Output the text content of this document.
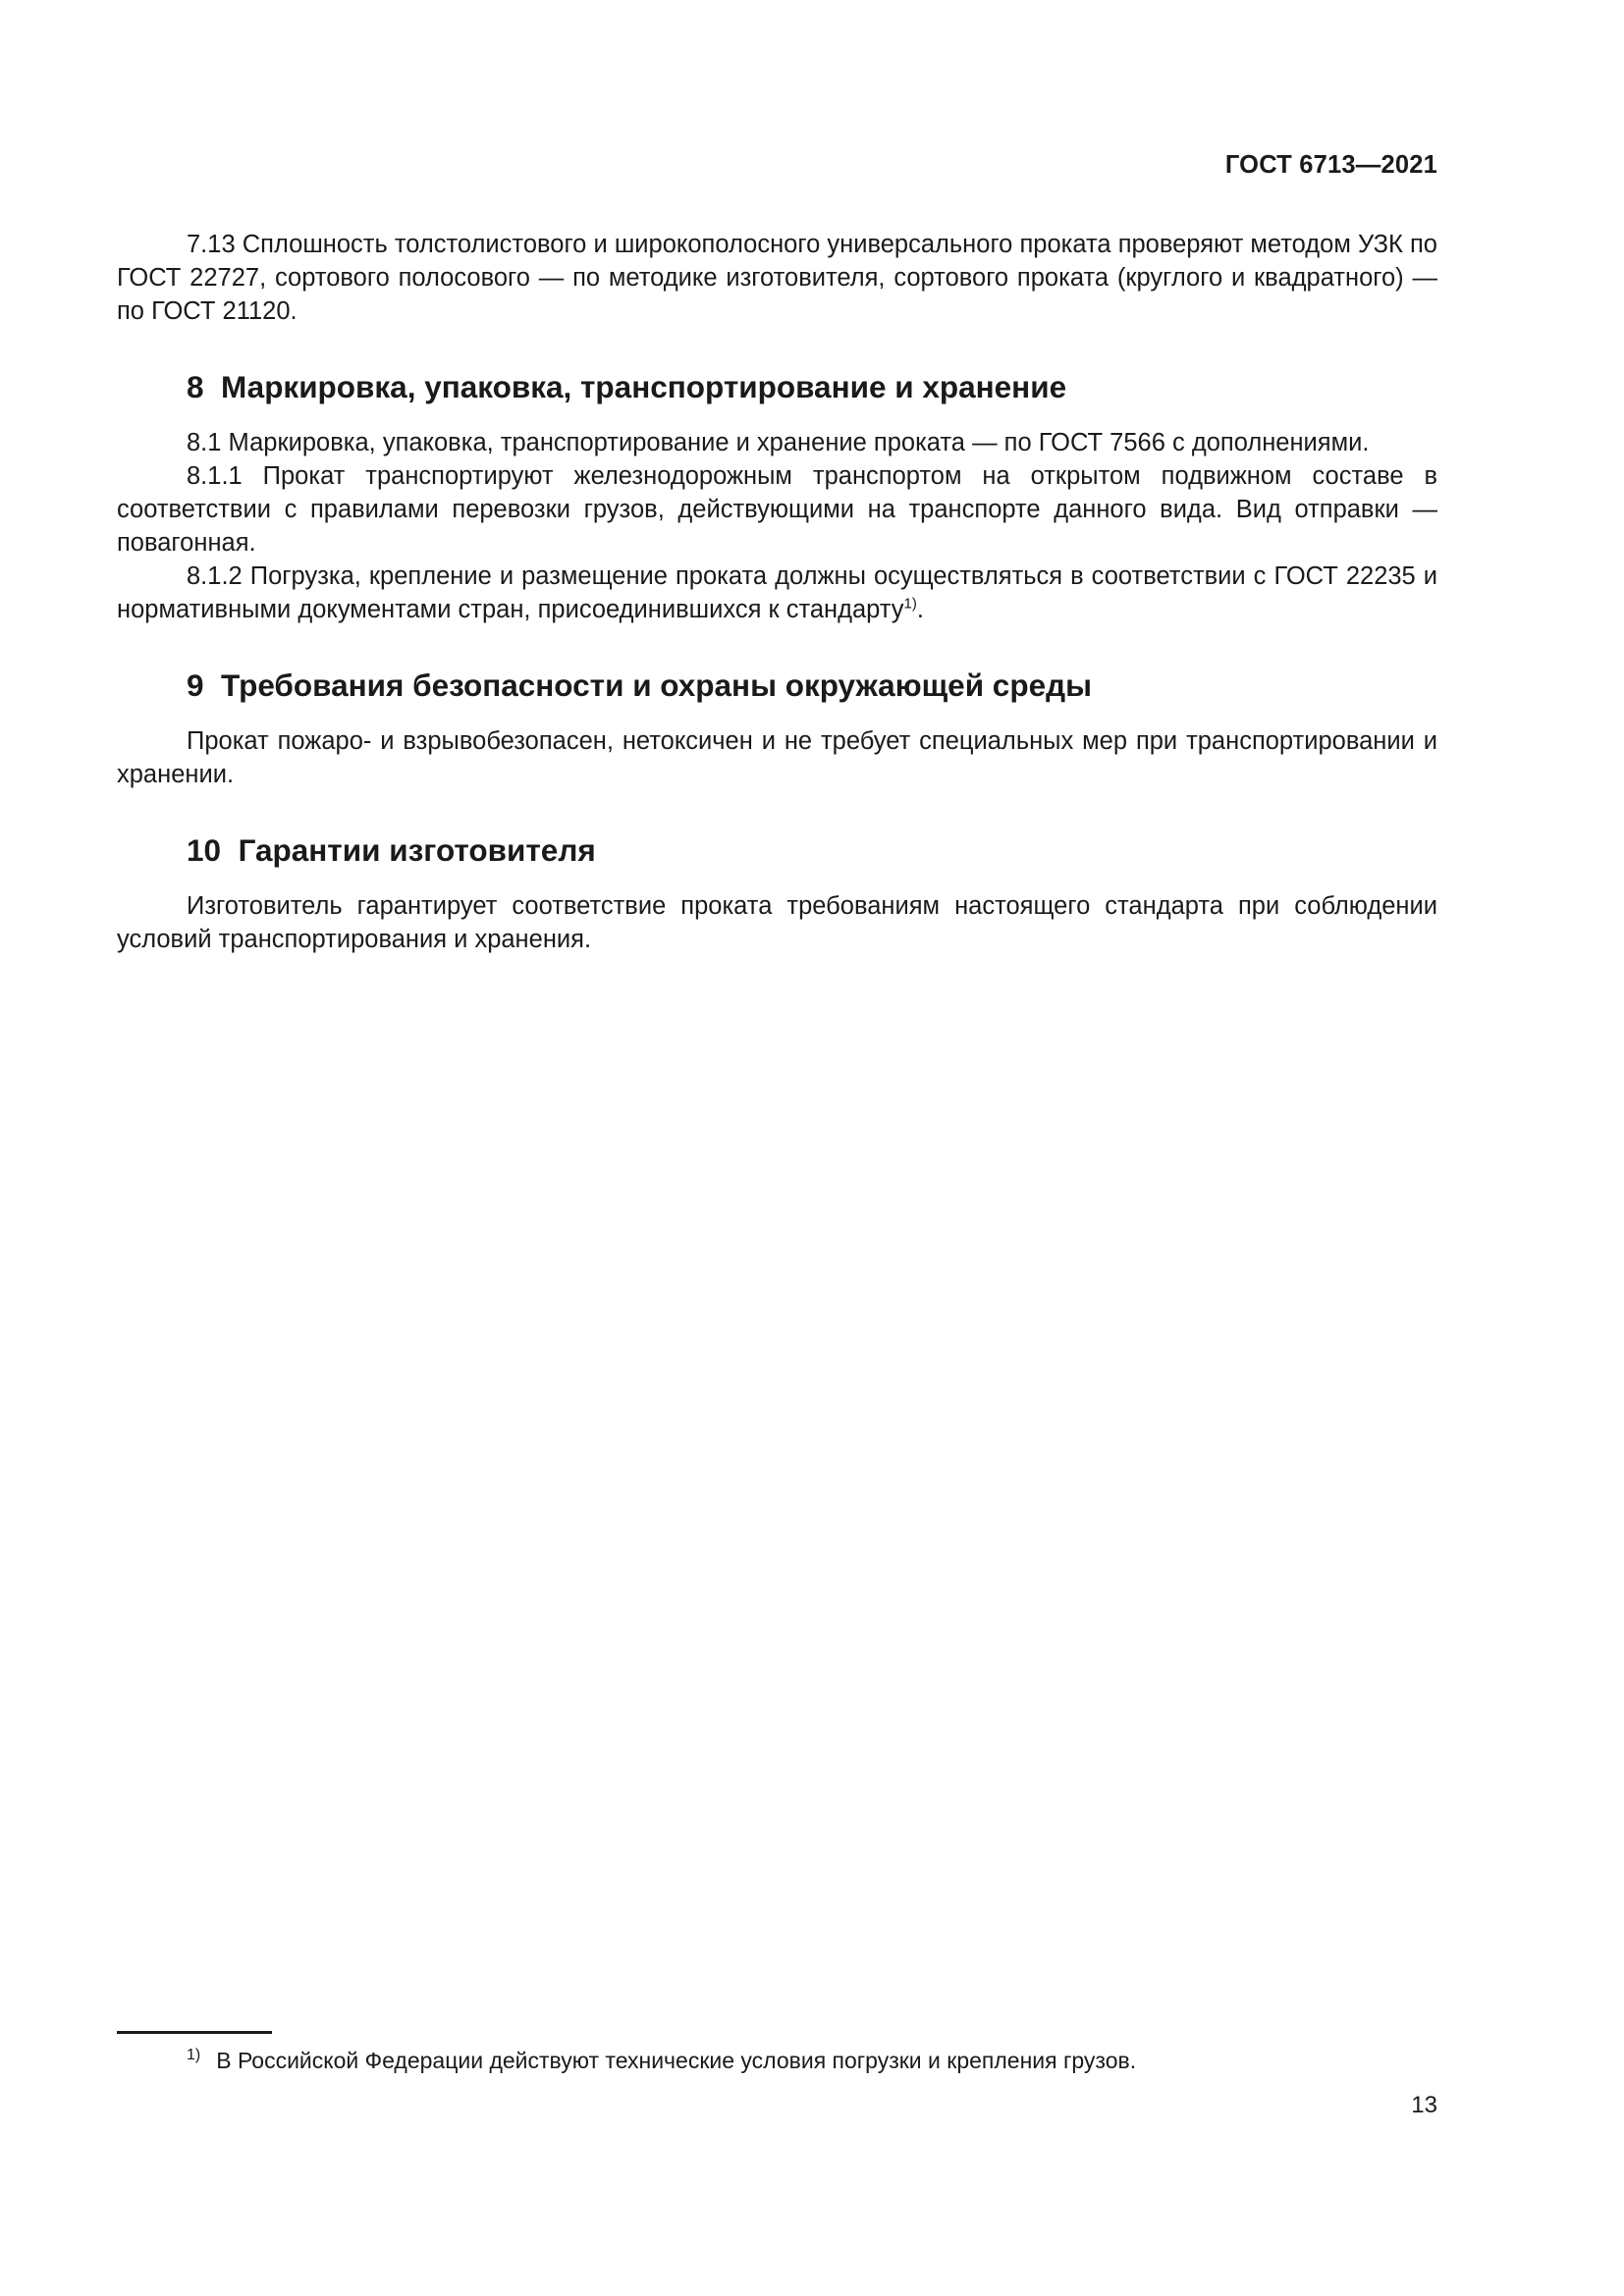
ГОСТ 6713—2021

7.13 Сплошность толстолистового и широкополосного универсального проката проверяют методом УЗК по ГОСТ 22727, сортового полосового — по методике изготовителя, сортового проката (круглого и квадратного) — по ГОСТ 21120.

8 Маркировка, упаковка, транспортирование и хранение

8.1 Маркировка, упаковка, транспортирование и хранение проката — по ГОСТ 7566 с дополнениями.

8.1.1 Прокат транспортируют железнодорожным транспортом на открытом подвижном составе в соответствии с правилами перевозки грузов, действующими на транспорте данного вида. Вид отправки — повагонная.

8.1.2 Погрузка, крепление и размещение проката должны осуществляться в соответствии с ГОСТ 22235 и нормативными документами стран, присоединившихся к стандарту$^{1)}$.

9 Требования безопасности и охраны окружающей среды

Прокат пожаро- и взрывобезопасен, нетоксичен и не требует специальных мер при транспортировании и хранении.

10 Гарантии изготовителя

Изготовитель гарантирует соответствие проката требованиям настоящего стандарта при соблюдении условий транспортирования и хранения.

$^{1)}$ В Российской Федерации действуют технические условия погрузки и крепления грузов.
13
